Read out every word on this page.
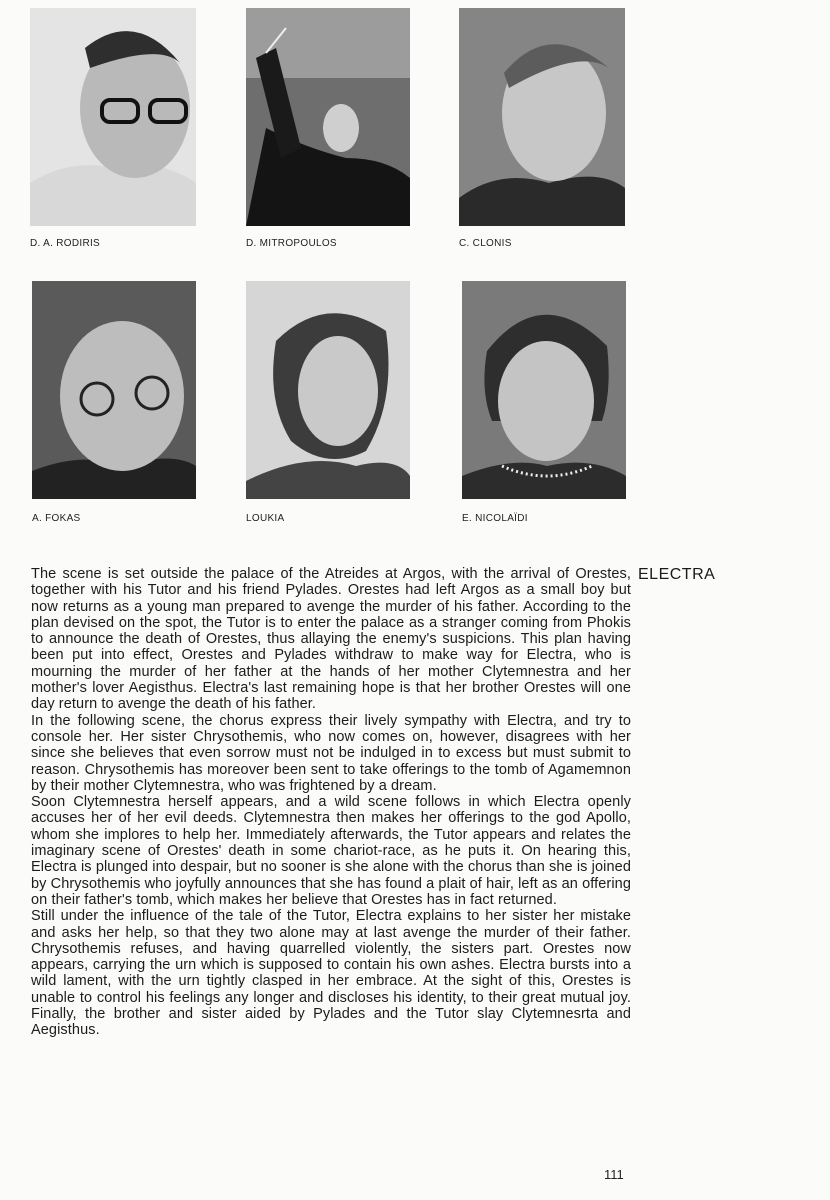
D. A. RODIRIS	D. MITROPOULOS	C. CLONIS
A. FOKAS	LOUKIA	E. NICOLAÏDI
ELECTRA

The scene is set outside the palace of the Atreides at Argos, with the arrival of Orestes, together with his Tutor and his friend Pylades. Orestes had left Argos as a small boy but now returns as a young man prepared to avenge the murder of his father. According to the plan devised on the spot, the Tutor is to enter the palace as a stranger coming from Phokis to announce the death of Orestes, thus allaying the enemy's suspicions. This plan having been put into effect, Orestes and Pylades withdraw to make way for Electra, who is mourning the murder of her father at the hands of her mother Clytemnestra and her mother's lover Aegisthus. Electra's last remaining hope is that her brother Orestes will one day return to avenge the death of his father.

In the following scene, the chorus express their lively sympathy with Electra, and try to console her. Her sister Chrysothemis, who now comes on, however, disagrees with her since she believes that even sorrow must not be indulged in to excess but must submit to reason. Chrysothemis has moreover been sent to take offerings to the tomb of Agamemnon by their mother Clytemnestra, who was frightened by a dream.

Soon Clytemnestra herself appears, and a wild scene follows in which Electra openly accuses her of her evil deeds. Clytemnestra then makes her offerings to the god Apollo, whom she implores to help her. Immediately afterwards, the Tutor appears and relates the imaginary scene of Orestes' death in some chariot-race, as he puts it. On hearing this, Electra is plunged into despair, but no sooner is she alone with the chorus than she is joined by Chrysothemis who joyfully announces that she has found a plait of hair, left as an offering on their father's tomb, which makes her believe that Orestes has in fact returned.

Still under the influence of the tale of the Tutor, Electra explains to her sister her mistake and asks her help, so that they two alone may at last avenge the murder of their father. Chrysothemis refuses, and having quarrelled violently, the sisters part. Orestes now appears, carrying the urn which is supposed to contain his own ashes. Electra bursts into a wild lament, with the urn tightly clasped in her embrace. At the sight of this, Orestes is unable to control his feelings any longer and discloses his identity, to their great mutual joy. Finally, the brother and sister aided by Pylades and the Tutor slay Clytemnesrta and Aegisthus.

111
